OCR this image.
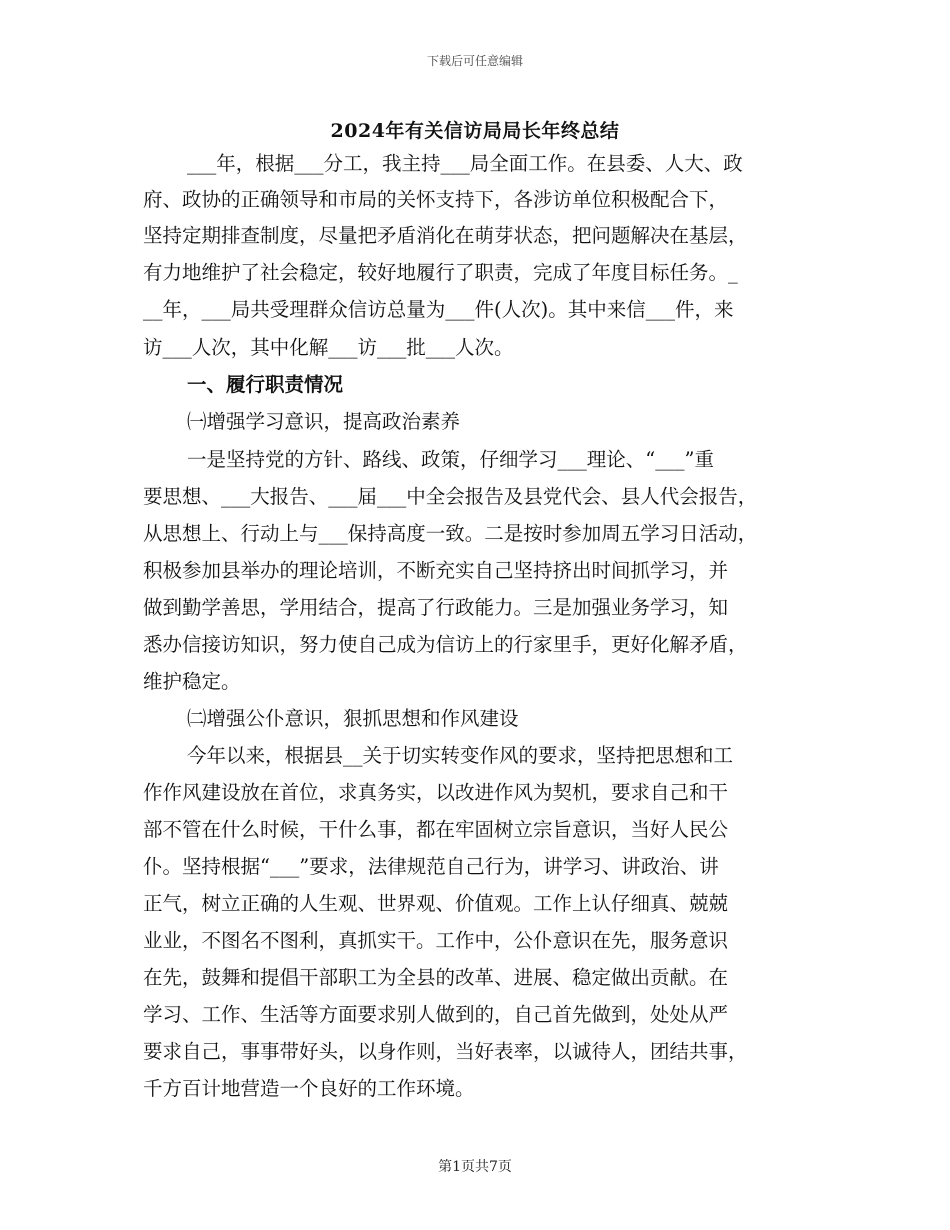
下载后可任意编辑
2024年有关信访局局长年终总结
___年，根据___分工，我主持___局全面工作。在县委、人大、政
府、政协的正确领导和市局的关怀支持下，各涉访单位积极配合下，
坚持定期排查制度，尽量把矛盾消化在萌芽状态，把问题解决在基层，
有力地维护了社会稳定，较好地履行了职责，完成了年度目标任务。_
__年，___局共受理群众信访总量为___件(人次)。其中来信___件，来
访___人次，其中化解___访___批___人次。
一、履行职责情况
㈠增强学习意识，提高政治素养
一是坚持党的方针、路线、政策，仔细学习___理论、“___”重
要思想、___大报告、___届___中全会报告及县党代会、县人代会报告，
从思想上、行动上与___保持高度一致。二是按时参加周五学习日活动，
积极参加县举办的理论培训，不断充实自己坚持挤出时间抓学习，并
做到勤学善思，学用结合，提高了行政能力。三是加强业务学习，知
悉办信接访知识，努力使自己成为信访上的行家里手，更好化解矛盾，
维护稳定。
㈡增强公仆意识，狠抓思想和作风建设
今年以来，根据县__关于切实转变作风的要求，坚持把思想和工
作作风建设放在首位，求真务实，以改进作风为契机，要求自己和干
部不管在什么时候，干什么事，都在牢固树立宗旨意识，当好人民公
仆。坚持根据“___”要求，法律规范自己行为，讲学习、讲政治、讲
正气，树立正确的人生观、世界观、价值观。工作上认仔细真、兢兢
业业，不图名不图利，真抓实干。工作中，公仆意识在先，服务意识
在先，鼓舞和提倡干部职工为全县的改革、进展、稳定做出贡献。在
学习、工作、生活等方面要求别人做到的，自己首先做到，处处从严
要求自己，事事带好头，以身作则，当好表率，以诚待人，团结共事，
千方百计地营造一个良好的工作环境。
第1页共7页
